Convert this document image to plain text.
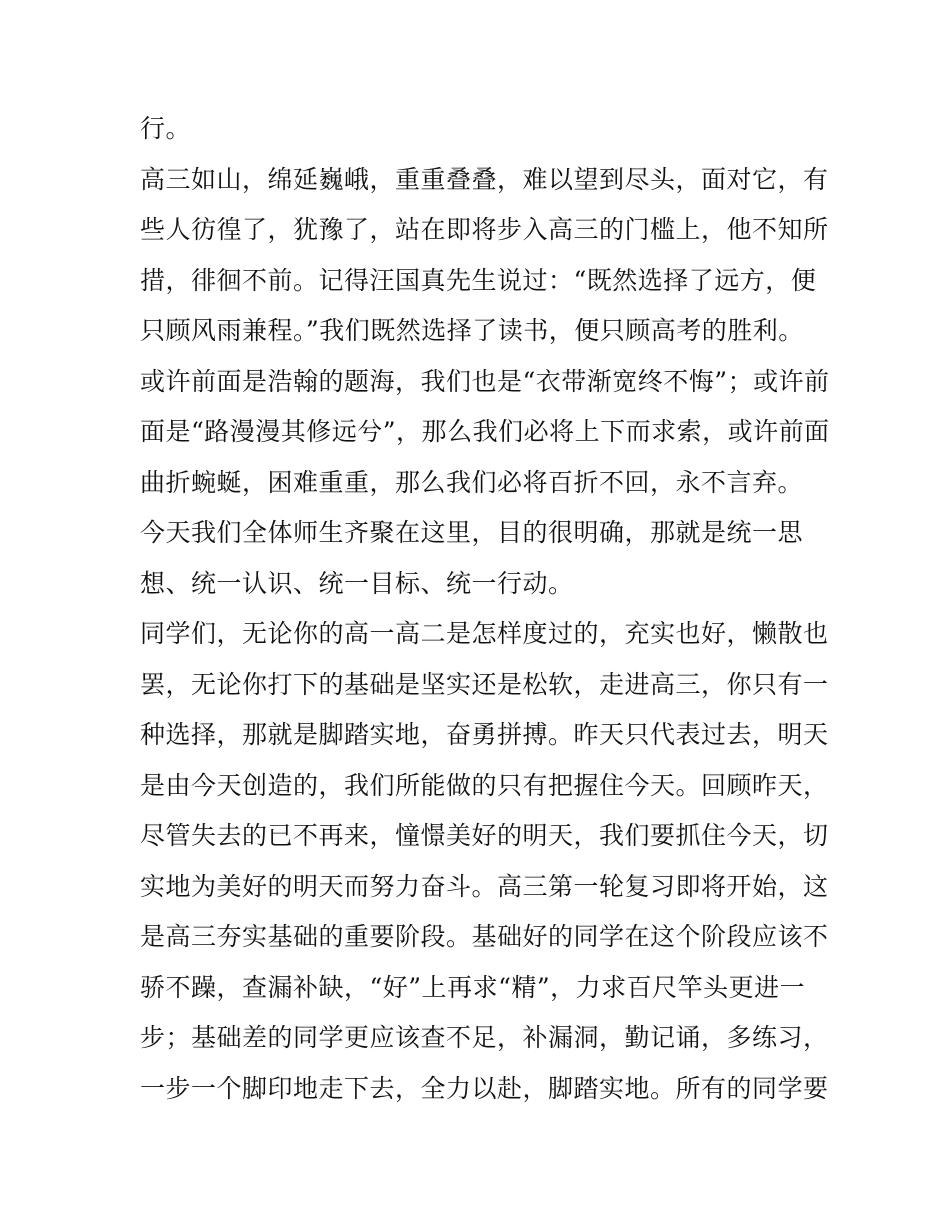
行。
高三如山，绵延巍峨，重重叠叠，难以望到尽头，面对它，有
些人彷徨了，犹豫了，站在即将步入高三的门槛上，他不知所
措，徘徊不前。记得汪国真先生说过：“既然选择了远方，便
只顾风雨兼程。”我们既然选择了读书，便只顾高考的胜利。
或许前面是浩翰的题海，我们也是“衣带渐宽终不悔”；或许前
面是“路漫漫其修远兮”，那么我们必将上下而求索，或许前面
曲折蜿蜒，困难重重，那么我们必将百折不回，永不言弃。
今天我们全体师生齐聚在这里，目的很明确，那就是统一思
想、统一认识、统一目标、统一行动。
同学们，无论你的高一高二是怎样度过的，充实也好，懒散也
罢，无论你打下的基础是坚实还是松软，走进高三，你只有一
种选择，那就是脚踏实地，奋勇拼搏。昨天只代表过去，明天
是由今天创造的，我们所能做的只有把握住今天。回顾昨天，
尽管失去的已不再来，憧憬美好的明天，我们要抓住今天，切
实地为美好的明天而努力奋斗。高三第一轮复习即将开始，这
是高三夯实基础的重要阶段。基础好的同学在这个阶段应该不
骄不躁，查漏补缺，“好”上再求“精”，力求百尺竿头更进一
步；基础差的同学更应该查不足，补漏洞，勤记诵，多练习，
一步一个脚印地走下去，全力以赴，脚踏实地。所有的同学要
